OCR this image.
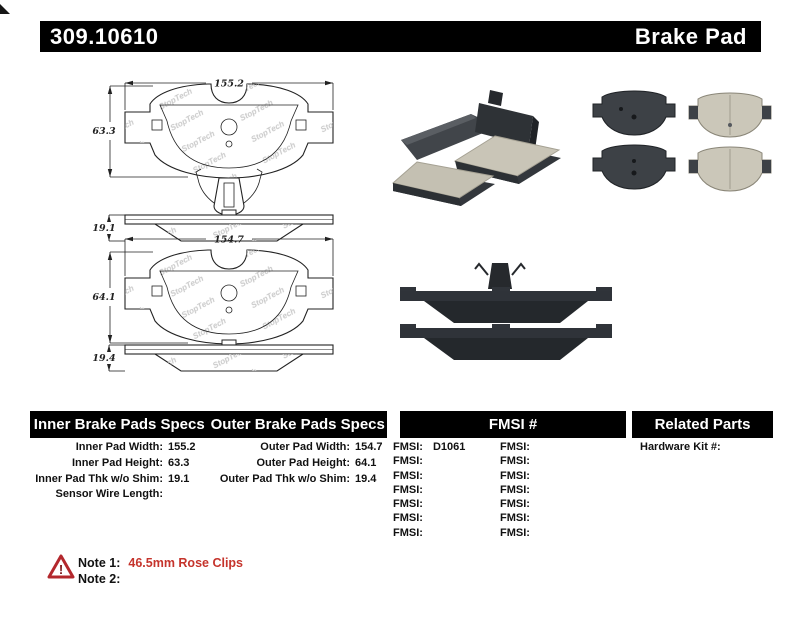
309.10610	Brake Pad
155.2
63.3
19.1
154.7
64.1
19.4
Inner Brake Pads Specs Outer Brake Pads Specs	FMSI #	Related Parts
Inner Pad Width: 155.2
Inner Pad Height: 63.3
Inner Pad Thk w/o Shim: 19.1
Sensor Wire Length:
Outer Pad Width: 154.7
Outer Pad Height: 64.1
Outer Pad Thk w/o Shim: 19.4
FMSI: D1061
FMSI:
FMSI:
FMSI:
FMSI:
FMSI:
FMSI:
FMSI:
FMSI:
FMSI:
FMSI:
FMSI:
FMSI:
FMSI:
Hardware Kit #:
! Note 1: 46.5mm Rose Clips
Note 2:
